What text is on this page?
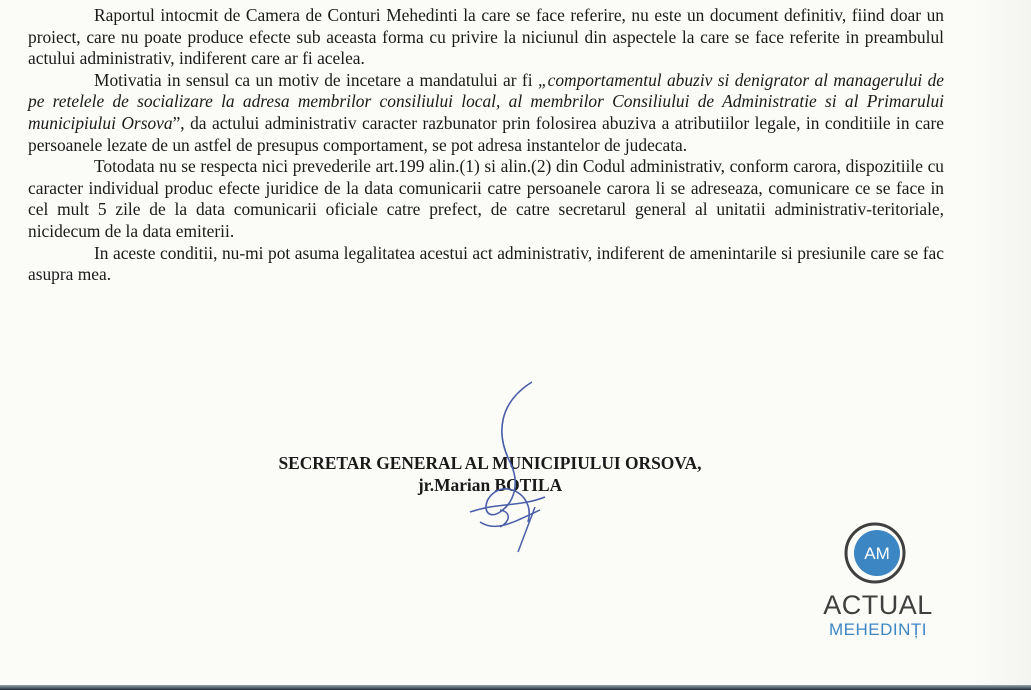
Raportul intocmit de Camera de Conturi Mehedinti la care se face referire, nu este un document definitiv, fiind doar un proiect, care nu poate produce efecte sub aceasta forma cu privire la niciunul din aspectele la care se face referite in preambulul actului administrativ, indiferent care ar fi acelea.

Motivatia in sensul ca un motiv de incetare a mandatului ar fi „comportamentul abuziv si denigrator al managerului de pe retelele de socializare la adresa membrilor consiliului local, al membrilor Consiliului de Administratie si al Primarului municipiului Orsova”, da actului administrativ caracter razbunator prin folosirea abuziva a atributiilor legale, in conditiile in care persoanele lezate de un astfel de presupus comportament, se pot adresa instantelor de judecata.

Totodata nu se respecta nici prevederile art.199 alin.(1) si alin.(2) din Codul administrativ, conform carora, dispozitiile cu caracter individual produc efecte juridice de la data comunicarii catre persoanele carora li se adreseaza, comunicare ce se face in cel mult 5 zile de la data comunicarii oficiale catre prefect, de catre secretarul general al unitatii administrativ-teritoriale, nicidecum de la data emiterii.

In aceste conditii, nu-mi pot asuma legalitatea acestui act administrativ, indiferent de amenintarile si presiunile care se fac asupra mea.

SECRETAR GENERAL AL MUNICIPIULUI ORSOVA,
jr.Marian BOTILA
AM
ACTUAL
MEHEDINȚI
